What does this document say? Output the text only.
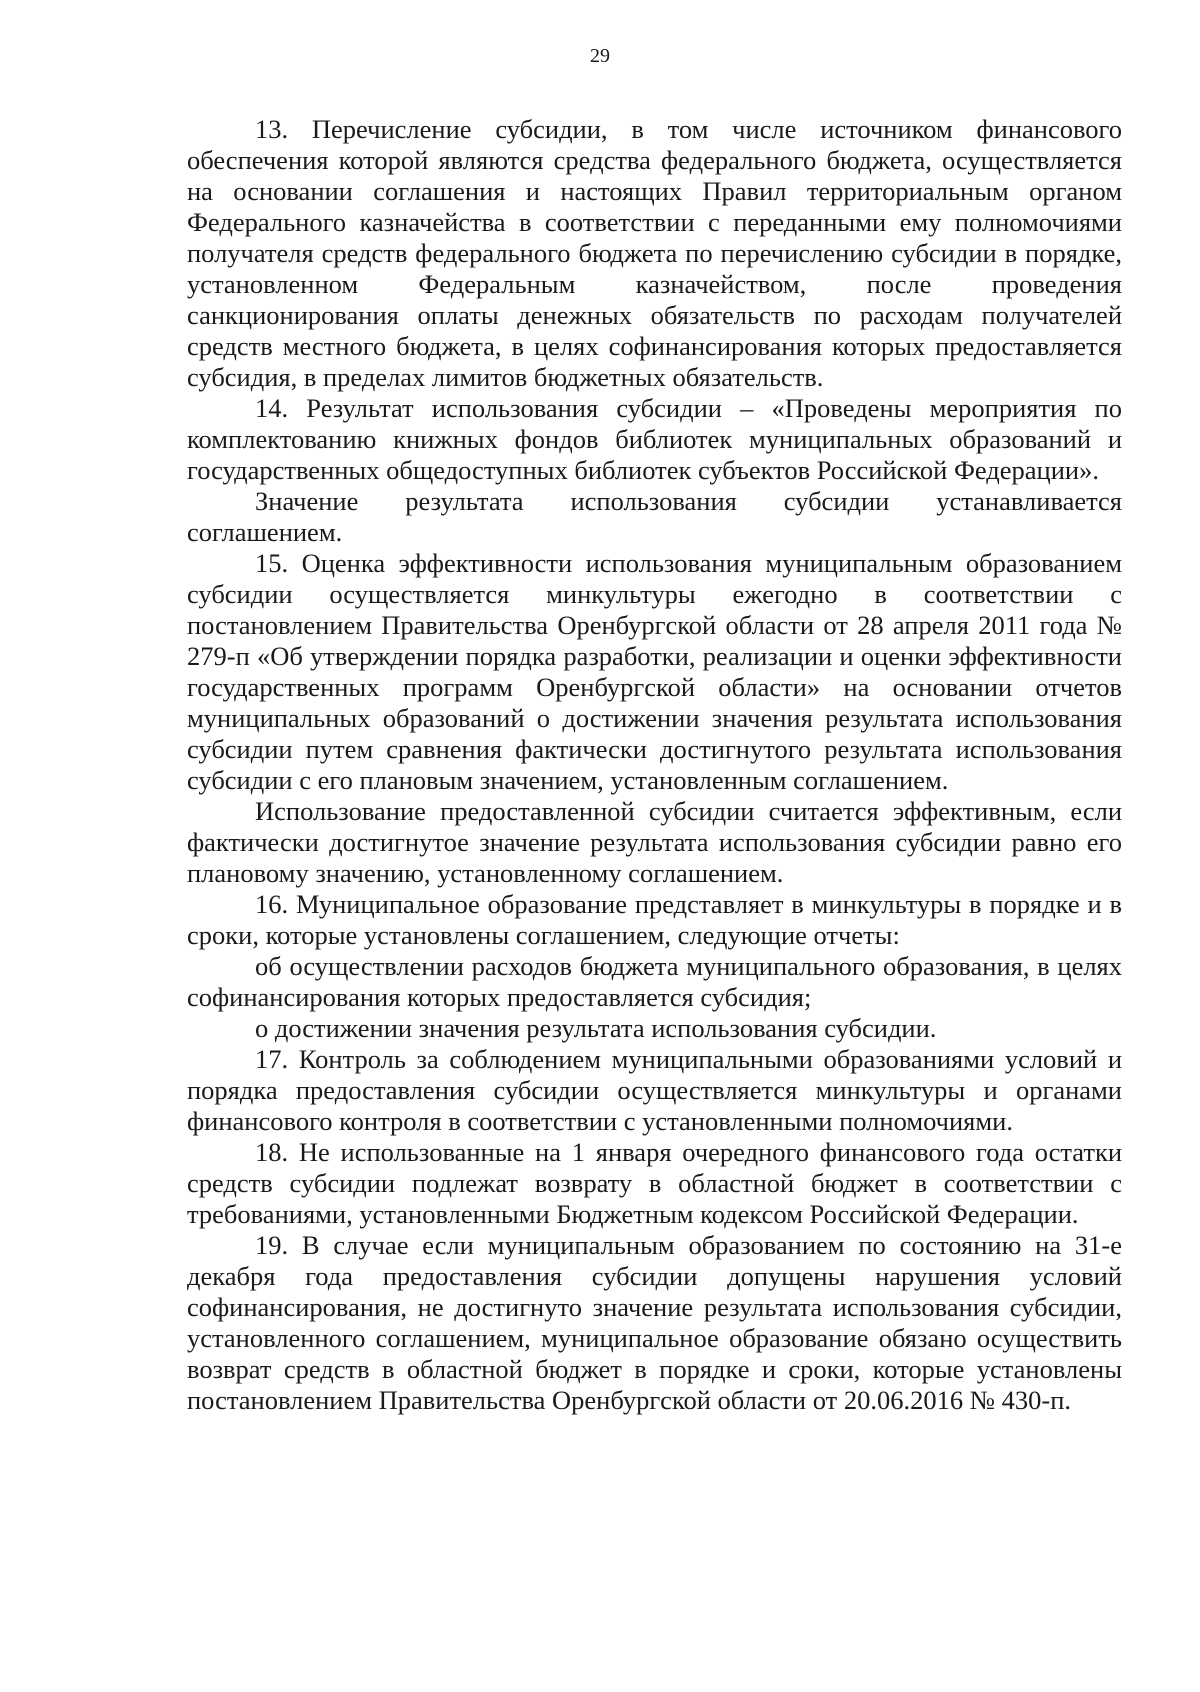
29

13. Перечисление субсидии, в том числе источником финансового обеспечения которой являются средства федерального бюджета, осуществляется на основании соглашения и настоящих Правил территориальным органом Федерального казначейства в соответствии с переданными ему полномочиями получателя средств федерального бюджета по перечислению субсидии в порядке, установленном Федеральным казначейством, после проведения санкционирования оплаты денежных обязательств по расходам получателей средств местного бюджета, в целях софинансирования которых предоставляется субсидия, в пределах лимитов бюджетных обязательств.

14. Результат использования субсидии – «Проведены мероприятия по комплектованию книжных фондов библиотек муниципальных образований и государственных общедоступных библиотек субъектов Российской Федерации».

Значение результата использования субсидии устанавливается соглашением.

15. Оценка эффективности использования муниципальным образованием субсидии осуществляется минкультуры ежегодно в соответствии с постановлением Правительства Оренбургской области от 28 апреля 2011 года № 279-п «Об утверждении порядка разработки, реализации и оценки эффективности государственных программ Оренбургской области» на основании отчетов муниципальных образований о достижении значения результата использования субсидии путем сравнения фактически достигнутого результата использования субсидии с его плановым значением, установленным соглашением.

Использование предоставленной субсидии считается эффективным, если фактически достигнутое значение результата использования субсидии равно его плановому значению, установленному соглашением.

16. Муниципальное образование представляет в минкультуры в порядке и в сроки, которые установлены соглашением, следующие отчеты:

об осуществлении расходов бюджета муниципального образования, в целях софинансирования которых предоставляется субсидия;

о достижении значения результата использования субсидии.

17. Контроль за соблюдением муниципальными образованиями условий и порядка предоставления субсидии осуществляется минкультуры и органами финансового контроля в соответствии с установленными полномочиями.

18. Не использованные на 1 января очередного финансового года остатки средств субсидии подлежат возврату в областной бюджет в соответствии с требованиями, установленными Бюджетным кодексом Российской Федерации.

19. В случае если муниципальным образованием по состоянию на 31-е декабря года предоставления субсидии допущены нарушения условий софинансирования, не достигнуто значение результата использования субсидии, установленного соглашением, муниципальное образование обязано осуществить возврат средств в областной бюджет в порядке и сроки, которые установлены постановлением Правительства Оренбургской области от 20.06.2016 № 430-п.
